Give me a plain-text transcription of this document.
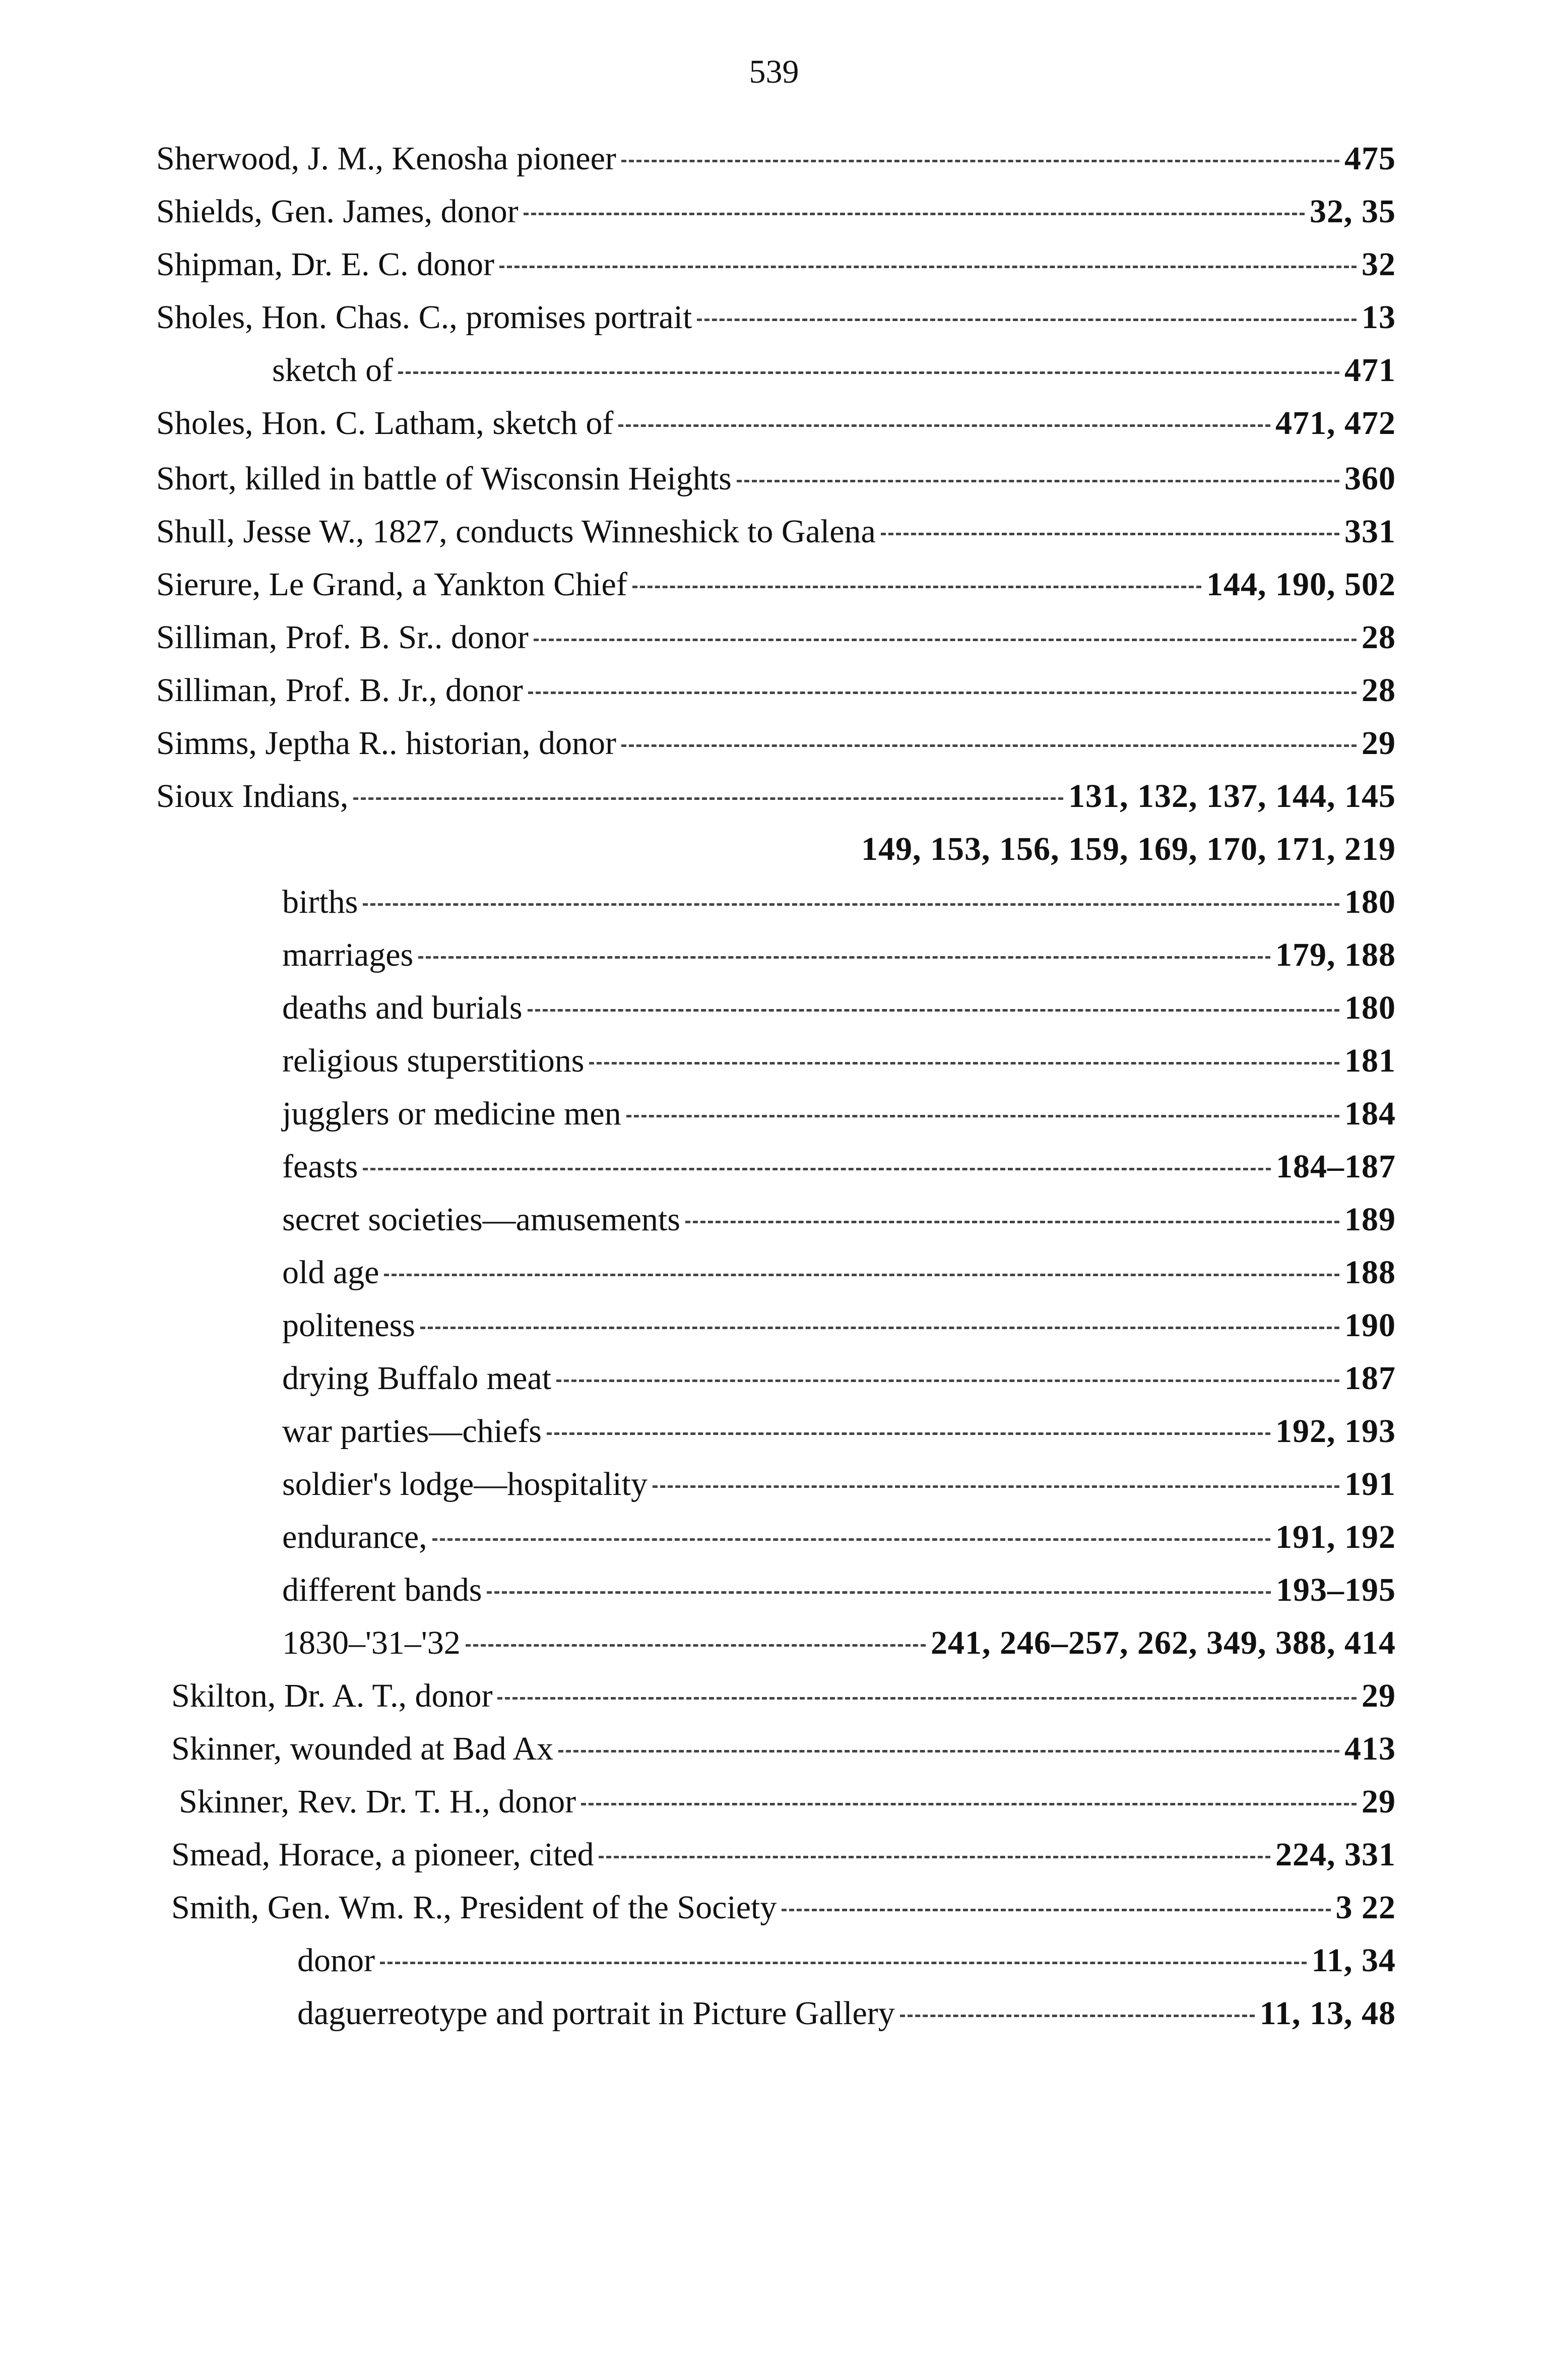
539
Sherwood, J. M., Kenosha pioneer	475
Shields, Gen. James, donor	32, 35
Shipman, Dr. E. C. donor	32
Sholes, Hon. Chas. C., promises portrait	13
sketch of	471
Sholes, Hon. C. Latham, sketch of	471, 472
Short, killed in battle of Wisconsin Heights	360
Shull, Jesse W., 1827, conducts Winneshick to Galena	331
Sierure, Le Grand, a Yankton Chief	144, 190, 502
Silliman, Prof. B. Sr.. donor	28
Silliman, Prof. B. Jr., donor	28
Simms, Jeptha R.. historian, donor	29
Sioux Indians,	131, 132, 137, 144, 145
149, 153, 156, 159, 169, 170, 171, 219
births	180
marriages	179, 188
deaths and burials	180
religious stuperstitions	181
jugglers or medicine men	184
feasts	184–187
secret societies—amusements	189
old age	188
politeness	190
drying Buffalo meat	187
war parties—chiefs	192, 193
soldier's lodge—hospitality	191
endurance,	191, 192
different bands	193–195
1830–'31–'32	241, 246–257, 262, 349, 388, 414
Skilton, Dr. A. T., donor	29
Skinner, wounded at Bad Ax	413
Skinner, Rev. Dr. T. H., donor	29
Smead, Horace, a pioneer, cited	224, 331
Smith, Gen. Wm. R., President of the Society	3 22
donor	11, 34
daguerreotype and portrait in Picture Gallery	11, 13, 48
